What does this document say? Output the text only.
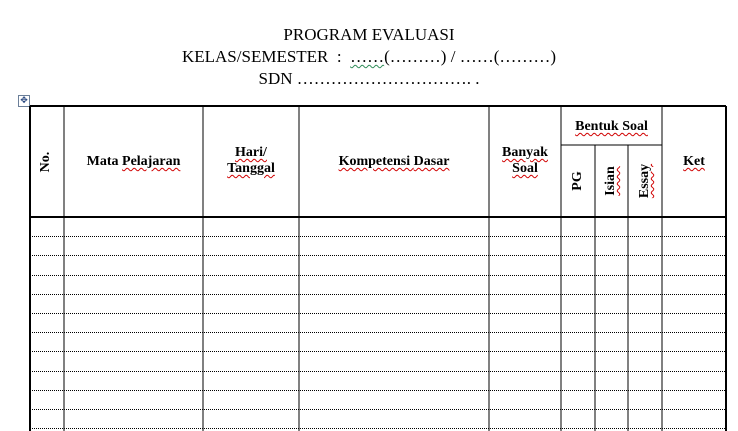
PROGRAM EVALUASI
KELAS/SEMESTER  :  ……(………) / ……(………)
SDN …………………………. .
✥
No.	Mata Pelajaran
Hari/
Tanggal	Kompetensi Dasar
Banyak
Soal
Bentuk Soal
PG Isian Essay
Ket
